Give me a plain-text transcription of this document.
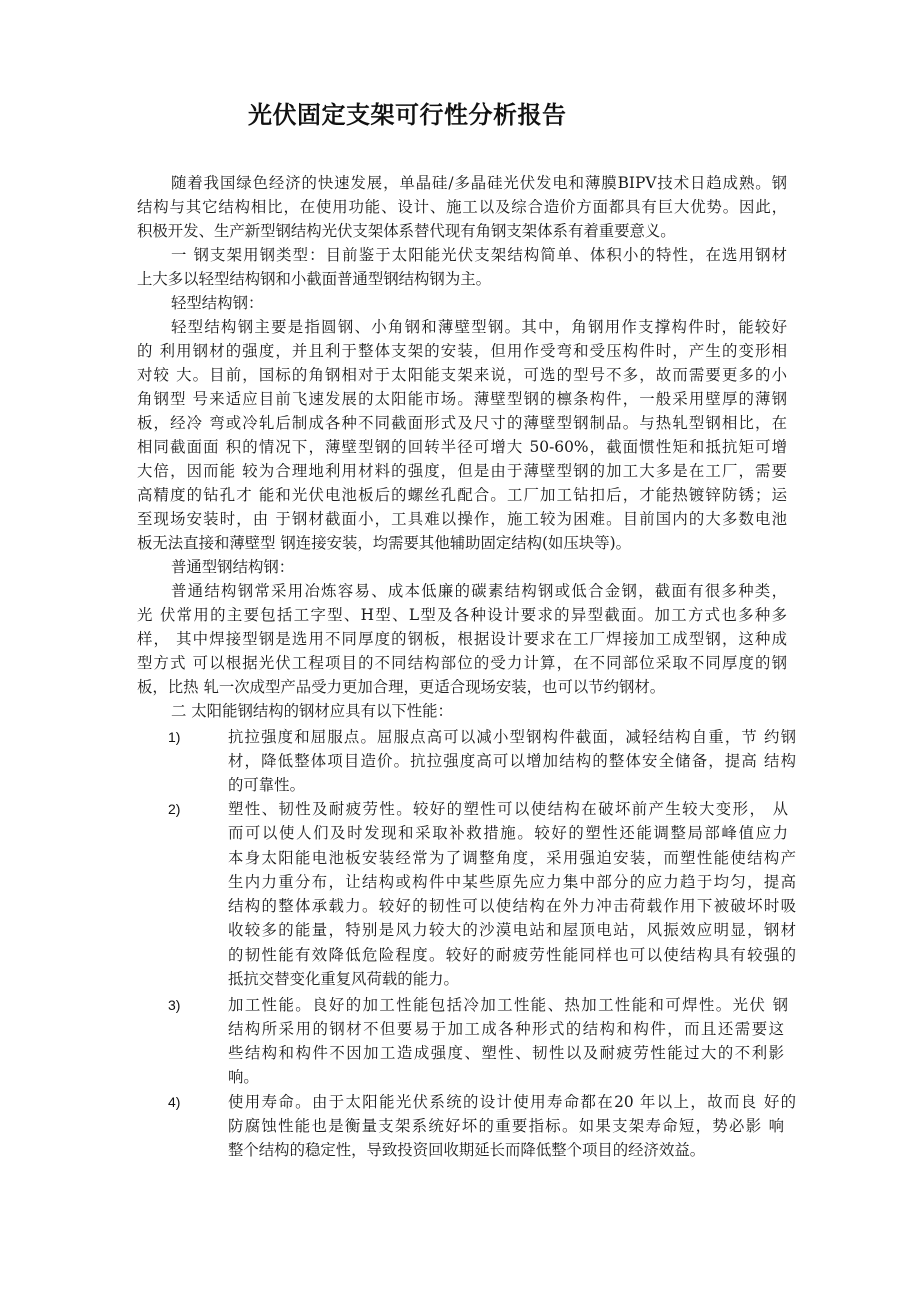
光伏固定支架可行性分析报告
随着我国绿色经济的快速发展，单晶硅/多晶硅光伏发电和薄膜BIPV技术日趋成熟。钢
结构与其它结构相比，在使用功能、设计、施工以及综合造价方面都具有巨大优势。因此，
积极开发、生产新型钢结构光伏支架体系替代现有角钢支架体系有着重要意义。
一 钢支架用钢类型：目前鉴于太阳能光伏支架结构简单、体积小的特性，在选用钢材
上大多以轻型结构钢和小截面普通型钢结构钢为主。
轻型结构钢：
轻型结构钢主要是指圆钢、小角钢和薄壁型钢。其中，角钢用作支撑构件时，能较好
的 利用钢材的强度，并且利于整体支架的安装，但用作受弯和受压构件时，产生的变形相
对较 大。目前，国标的角钢相对于太阳能支架来说，可选的型号不多，故而需要更多的小
角钢型 号来适应目前飞速发展的太阳能市场。薄壁型钢的檩条构件，一般采用壁厚的薄钢
板，经冷 弯或冷轧后制成各种不同截面形式及尺寸的薄壁型钢制品。与热轧型钢相比，在
相同截面面 积的情况下，薄壁型钢的回转半径可增大 50-60%，截面惯性矩和抵抗矩可增
大倍，因而能 较为合理地利用材料的强度，但是由于薄壁型钢的加工大多是在工厂，需要
高精度的钻孔才 能和光伏电池板后的螺丝孔配合。工厂加工钻扣后，才能热镀锌防锈；运
至现场安装时，由 于钢材截面小，工具难以操作，施工较为困难。目前国内的大多数电池
板无法直接和薄壁型 钢连接安装，均需要其他辅助固定结构(如压块等)。
普通型钢结构钢：
普通结构钢常采用冶炼容易、成本低廉的碳素结构钢或低合金钢，截面有很多种类，
光 伏常用的主要包括工字型、H型、L型及各种设计要求的异型截面。加工方式也多种多
样， 其中焊接型钢是选用不同厚度的钢板，根据设计要求在工厂焊接加工成型钢，这种成
型方式 可以根据光伏工程项目的不同结构部位的受力计算，在不同部位采取不同厚度的钢
板，比热 轧一次成型产品受力更加合理，更适合现场安装，也可以节约钢材。
二 太阳能钢结构的钢材应具有以下性能：
1)	抗拉强度和屈服点。屈服点高可以减小型钢构件截面，减轻结构自重，节 约钢
材，降低整体项目造价。抗拉强度高可以增加结构的整体安全储备，提高 结构
的可靠性。
2)	塑性、韧性及耐疲劳性。较好的塑性可以使结构在破坏前产生较大变形， 从
而可以使人们及时发现和采取补救措施。较好的塑性还能调整局部峰值应力
本身太阳能电池板安装经常为了调整角度，采用强迫安装，而塑性能使结构产
生内力重分布，让结构或构件中某些原先应力集中部分的应力趋于均匀，提高
结构的整体承载力。较好的韧性可以使结构在外力冲击荷载作用下被破坏时吸
收较多的能量，特别是风力较大的沙漠电站和屋顶电站，风振效应明显，钢材
的韧性能有效降低危险程度。较好的耐疲劳性能同样也可以使结构具有较强的
抵抗交替变化重复风荷载的能力。
3)	加工性能。良好的加工性能包括冷加工性能、热加工性能和可焊性。光伏 钢
结构所采用的钢材不但要易于加工成各种形式的结构和构件，而且还需要这
些结构和构件不因加工造成强度、塑性、韧性以及耐疲劳性能过大的不利影
响。
4)	使用寿命。由于太阳能光伏系统的设计使用寿命都在20 年以上，故而良 好的
防腐蚀性能也是衡量支架系统好坏的重要指标。如果支架寿命短，势必影 响
整个结构的稳定性，导致投资回收期延长而降低整个项目的经济效益。
